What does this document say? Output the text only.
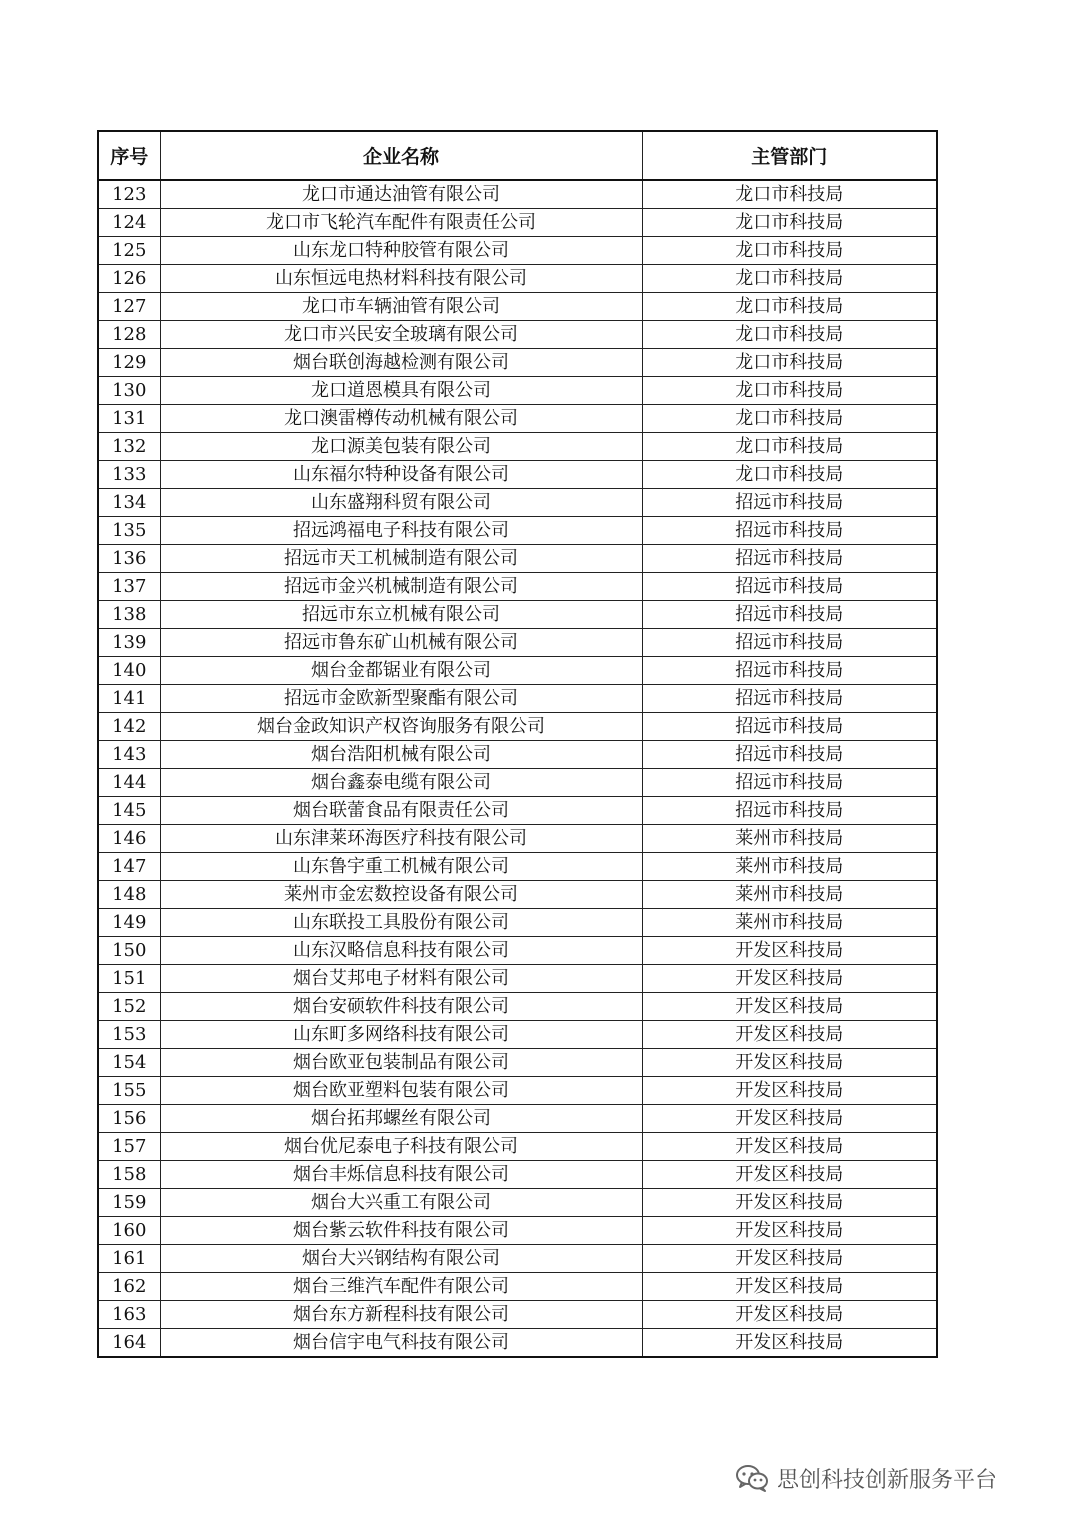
序号	企业名称	主管部门
123	龙口市通达油管有限公司	龙口市科技局
124	龙口市飞轮汽车配件有限责任公司	龙口市科技局
125	山东龙口特种胶管有限公司	龙口市科技局
126	山东恒远电热材料科技有限公司	龙口市科技局
127	龙口市车辆油管有限公司	龙口市科技局
128	龙口市兴民安全玻璃有限公司	龙口市科技局
129	烟台联创海越检测有限公司	龙口市科技局
130	龙口道恩模具有限公司	龙口市科技局
131	龙口澳雷樽传动机械有限公司	龙口市科技局
132	龙口源美包装有限公司	龙口市科技局
133	山东福尔特种设备有限公司	龙口市科技局
134	山东盛翔科贸有限公司	招远市科技局
135	招远鸿福电子科技有限公司	招远市科技局
136	招远市天工机械制造有限公司	招远市科技局
137	招远市金兴机械制造有限公司	招远市科技局
138	招远市东立机械有限公司	招远市科技局
139	招远市鲁东矿山机械有限公司	招远市科技局
140	烟台金都锯业有限公司	招远市科技局
141	招远市金欧新型聚酯有限公司	招远市科技局
142	烟台金政知识产权咨询服务有限公司	招远市科技局
143	烟台浩阳机械有限公司	招远市科技局
144	烟台鑫泰电缆有限公司	招远市科技局
145	烟台联蕾食品有限责任公司	招远市科技局
146	山东津莱环海医疗科技有限公司	莱州市科技局
147	山东鲁宇重工机械有限公司	莱州市科技局
148	莱州市金宏数控设备有限公司	莱州市科技局
149	山东联投工具股份有限公司	莱州市科技局
150	山东汉略信息科技有限公司	开发区科技局
151	烟台艾邦电子材料有限公司	开发区科技局
152	烟台安硕软件科技有限公司	开发区科技局
153	山东町多网络科技有限公司	开发区科技局
154	烟台欧亚包装制品有限公司	开发区科技局
155	烟台欧亚塑料包装有限公司	开发区科技局
156	烟台拓邦螺丝有限公司	开发区科技局
157	烟台优尼泰电子科技有限公司	开发区科技局
158	烟台丰烁信息科技有限公司	开发区科技局
159	烟台大兴重工有限公司	开发区科技局
160	烟台紫云软件科技有限公司	开发区科技局
161	烟台大兴钢结构有限公司	开发区科技局
162	烟台三维汽车配件有限公司	开发区科技局
163	烟台东方新程科技有限公司	开发区科技局
164	烟台信宇电气科技有限公司	开发区科技局
思创科技创新服务平台
